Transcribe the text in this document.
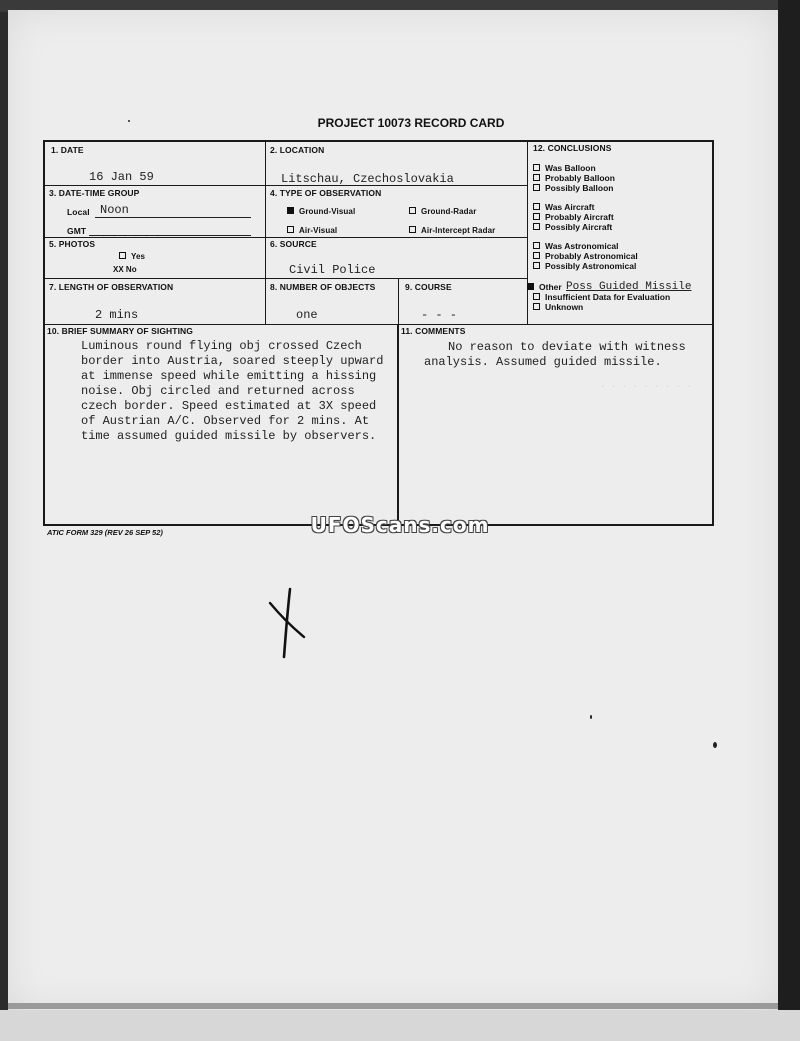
. . . . . . . . .
PROJECT 10073 RECORD CARD
1. DATE
16 Jan 59
2. LOCATION
Litschau, Czechoslovakia
3. DATE-TIME GROUP
Local Noon
GMT
4. TYPE OF OBSERVATION
Ground-Visual	Ground-Radar
Air-Visual	Air-Intercept Radar
5. PHOTOS
Yes
XX No
6. SOURCE
Civil Police
7. LENGTH OF OBSERVATION
2 mins
8. NUMBER OF OBJECTS
one
9. COURSE
- - -
10. BRIEF SUMMARY OF SIGHTING
Luminous round flying obj crossed Czech
border into Austria, soared steeply upward
at immense speed while emitting a hissing
noise. Obj circled and returned across
czech border. Speed estimated at 3X speed
of Austrian A/C. Observed for 2 mins. At
time assumed guided missile by observers.
11. COMMENTS
No reason to deviate with witness
analysis. Assumed guided missile.
12. CONCLUSIONS
Was Balloon
Probably Balloon
Possibly Balloon
Was Aircraft
Probably Aircraft
Possibly Aircraft
Was Astronomical
Probably Astronomical
Possibly Astronomical
Other Poss Guided Missile
Insufficient Data for Evaluation
Unknown
ATIC FORM 329 (REV 26 SEP 52)	UFOScans.com
